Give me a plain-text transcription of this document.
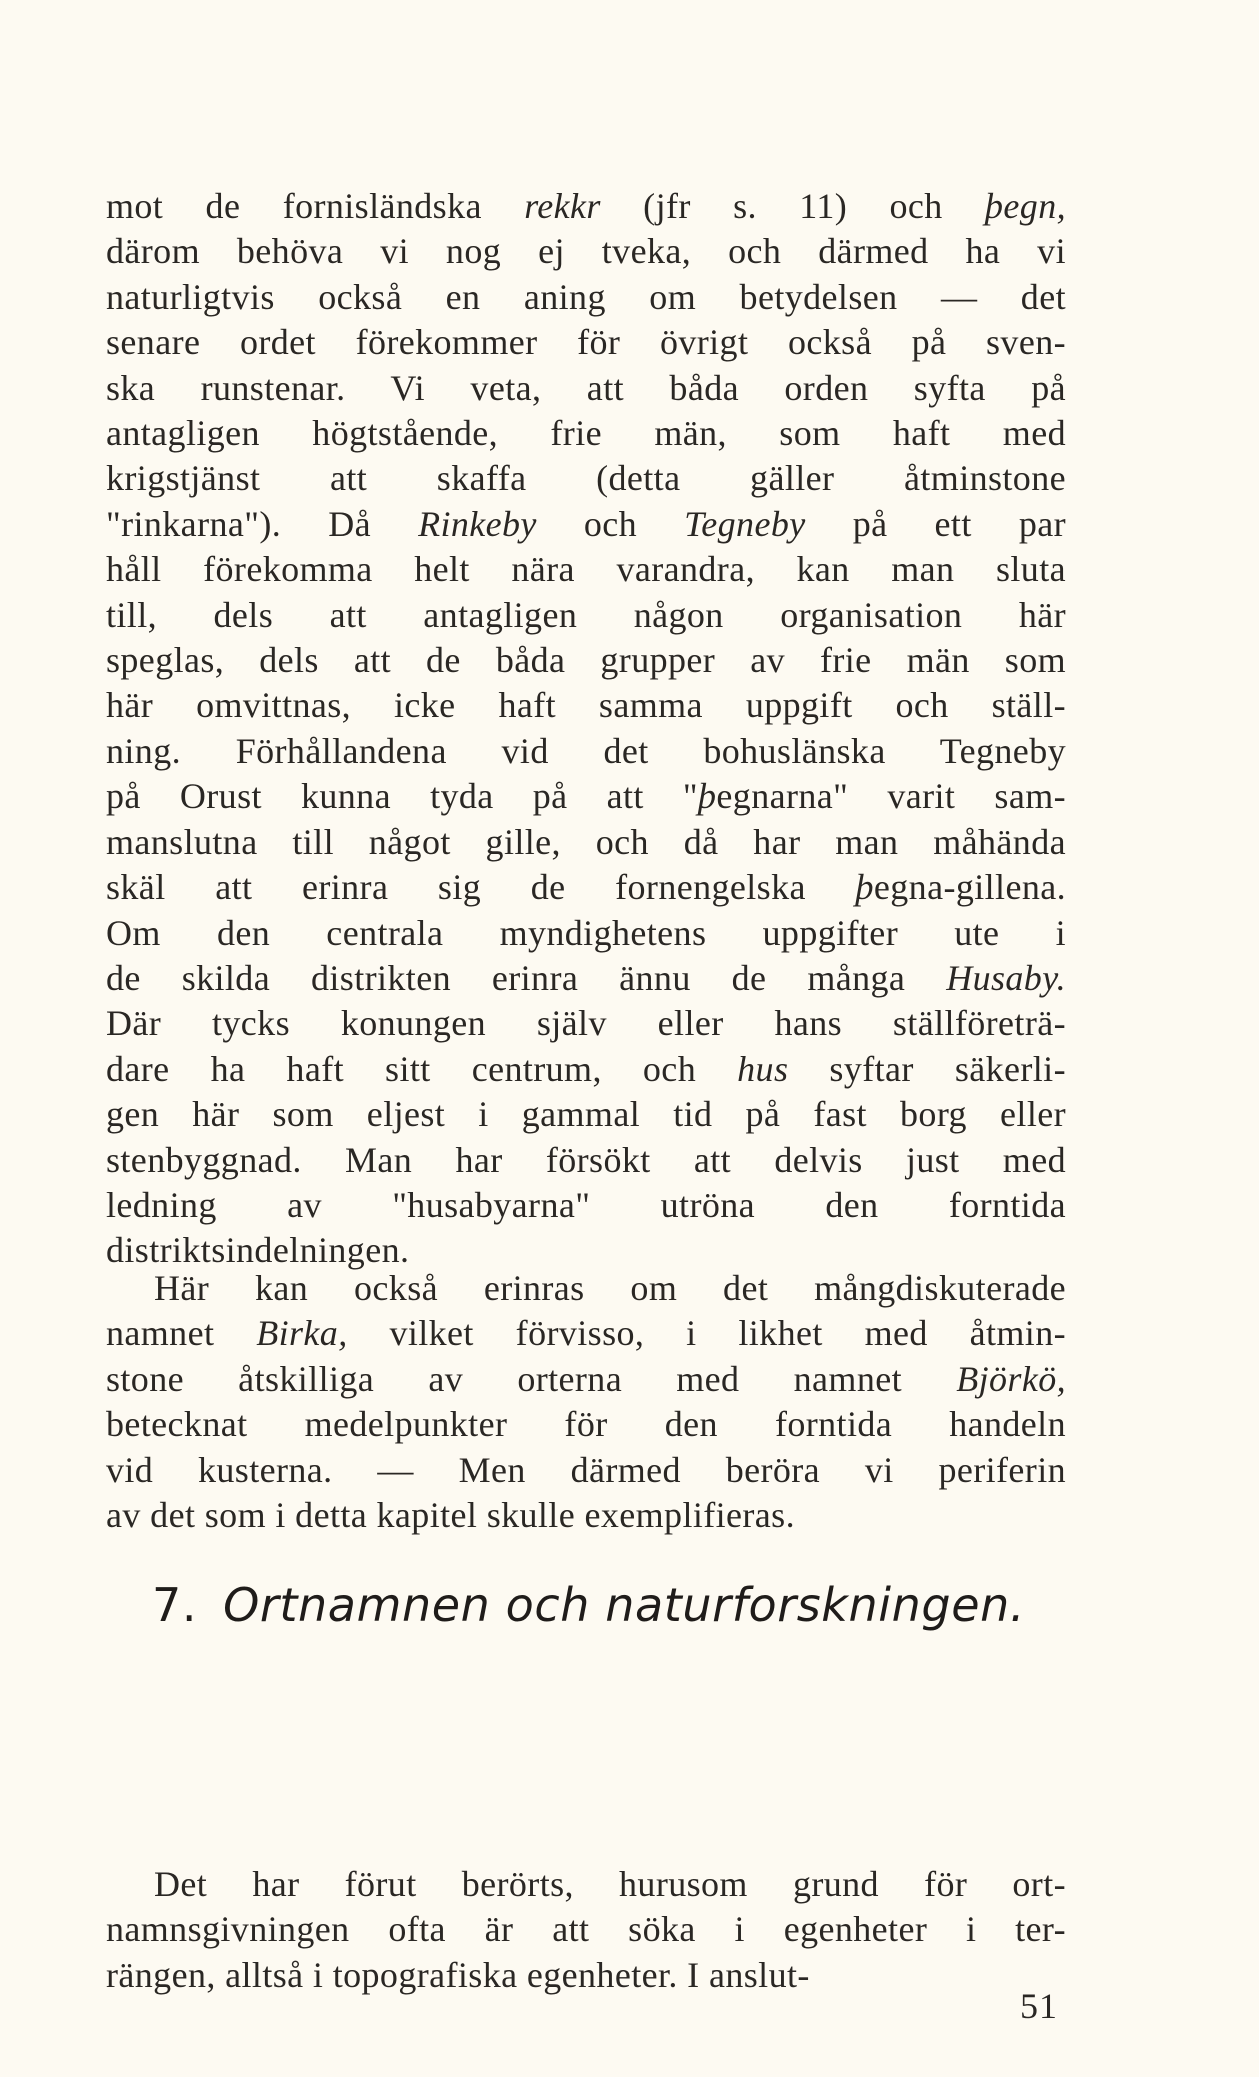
mot de fornisländska rekkr (jfr s. 11) och þegn,
därom behöva vi nog ej tveka, och därmed ha vi
naturligtvis också en aning om betydelsen — det
senare ordet förekommer för övrigt också på sven-
ska runstenar. Vi veta, att båda orden syfta på
antagligen högtstående, frie män, som haft med
krigstjänst att skaffa (detta gäller åtminstone
"rinkarna"). Då Rinkeby och Tegneby på ett par
håll förekomma helt nära varandra, kan man sluta
till, dels att antagligen någon organisation här
speglas, dels att de båda grupper av frie män som
här omvittnas, icke haft samma uppgift och ställ-
ning. Förhållandena vid det bohuslänska Tegneby
på Orust kunna tyda på att "þegnarna" varit sam-
manslutna till något gille, och då har man måhända
skäl att erinra sig de fornengelska þegna-gillena.
Om den centrala myndighetens uppgifter ute i
de skilda distrikten erinra ännu de många Husaby.
Där tycks konungen själv eller hans ställföreträ-
dare ha haft sitt centrum, och hus syftar säkerli-
gen här som eljest i gammal tid på fast borg eller
stenbyggnad. Man har försökt att delvis just med
ledning av "husabyarna" utröna den forntida
distriktsindelningen.
Här kan också erinras om det mångdiskuterade
namnet Birka, vilket förvisso, i likhet med åtmin-
stone åtskilliga av orterna med namnet Björkö,
betecknat medelpunkter för den forntida handeln
vid kusterna. — Men därmed beröra vi periferin
av det som i detta kapitel skulle exemplifieras.
7. Ortnamnen och naturforskningen.
Det har förut berörts, hurusom grund för ort-
namnsgivningen ofta är att söka i egenheter i ter-
rängen, alltså i topografiska egenheter. I anslut-
51
